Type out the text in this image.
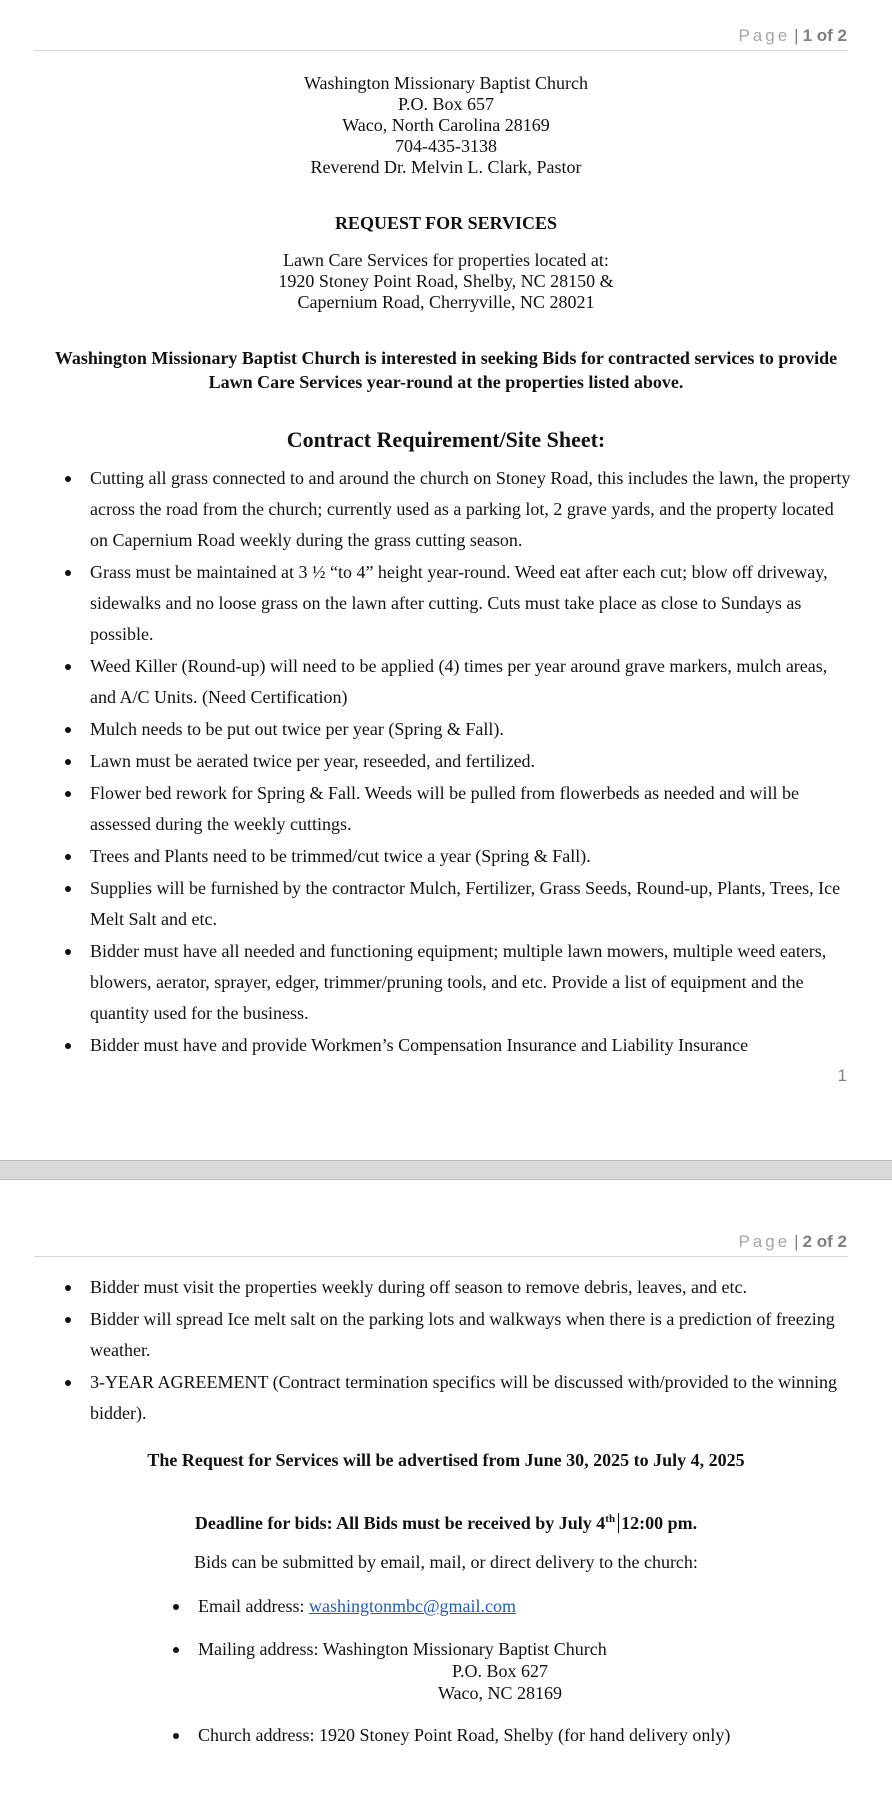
Page | 1 of 2
Washington Missionary Baptist Church
P.O. Box 657
Waco, North Carolina 28169
704-435-3138
Reverend Dr. Melvin L. Clark, Pastor
REQUEST FOR SERVICES
Lawn Care Services for properties located at:
1920 Stoney Point Road, Shelby, NC 28150 &
Capernium Road, Cherryville, NC 28021
Washington Missionary Baptist Church is interested in seeking Bids for contracted services to provide
Lawn Care Services year-round at the properties listed above.
Contract Requirement/Site Sheet:
Cutting all grass connected to and around the church on Stoney Road, this includes the lawn, the property across the road from the church; currently used as a parking lot, 2 grave yards, and the property located on Capernium Road weekly during the grass cutting season.
Grass must be maintained at 3 ½ “to 4” height year-round. Weed eat after each cut; blow off driveway, sidewalks and no loose grass on the lawn after cutting. Cuts must take place as close to Sundays as possible.
Weed Killer (Round-up) will need to be applied (4) times per year around grave markers, mulch areas, and A/C Units. (Need Certification)
Mulch needs to be put out twice per year (Spring & Fall).
Lawn must be aerated twice per year, reseeded, and fertilized.
Flower bed rework for Spring & Fall. Weeds will be pulled from flowerbeds as needed and will be assessed during the weekly cuttings.
Trees and Plants need to be trimmed/cut twice a year (Spring & Fall).
Supplies will be furnished by the contractor Mulch, Fertilizer, Grass Seeds, Round-up, Plants, Trees, Ice Melt Salt and etc.
Bidder must have all needed and functioning equipment; multiple lawn mowers, multiple weed eaters, blowers, aerator, sprayer, edger, trimmer/pruning tools, and etc. Provide a list of equipment and the quantity used for the business.
Bidder must have and provide Workmen’s Compensation Insurance and Liability Insurance
1
Page | 2 of 2
Bidder must visit the properties weekly during off season to remove debris, leaves, and etc.
Bidder will spread Ice melt salt on the parking lots and walkways when there is a prediction of freezing weather.
3-YEAR AGREEMENT (Contract termination specifics will be discussed with/provided to the winning bidder).
The Request for Services will be advertised from June 30, 2025 to July 4, 2025
Deadline for bids: All Bids must be received by July 4th 12:00 pm.
Bids can be submitted by email, mail, or direct delivery to the church:
Email address: washingtonmbc@gmail.com
Mailing address: Washington Missionary Baptist Church
P.O. Box 627
Waco, NC 28169
Church address: 1920 Stoney Point Road, Shelby (for hand delivery only)
